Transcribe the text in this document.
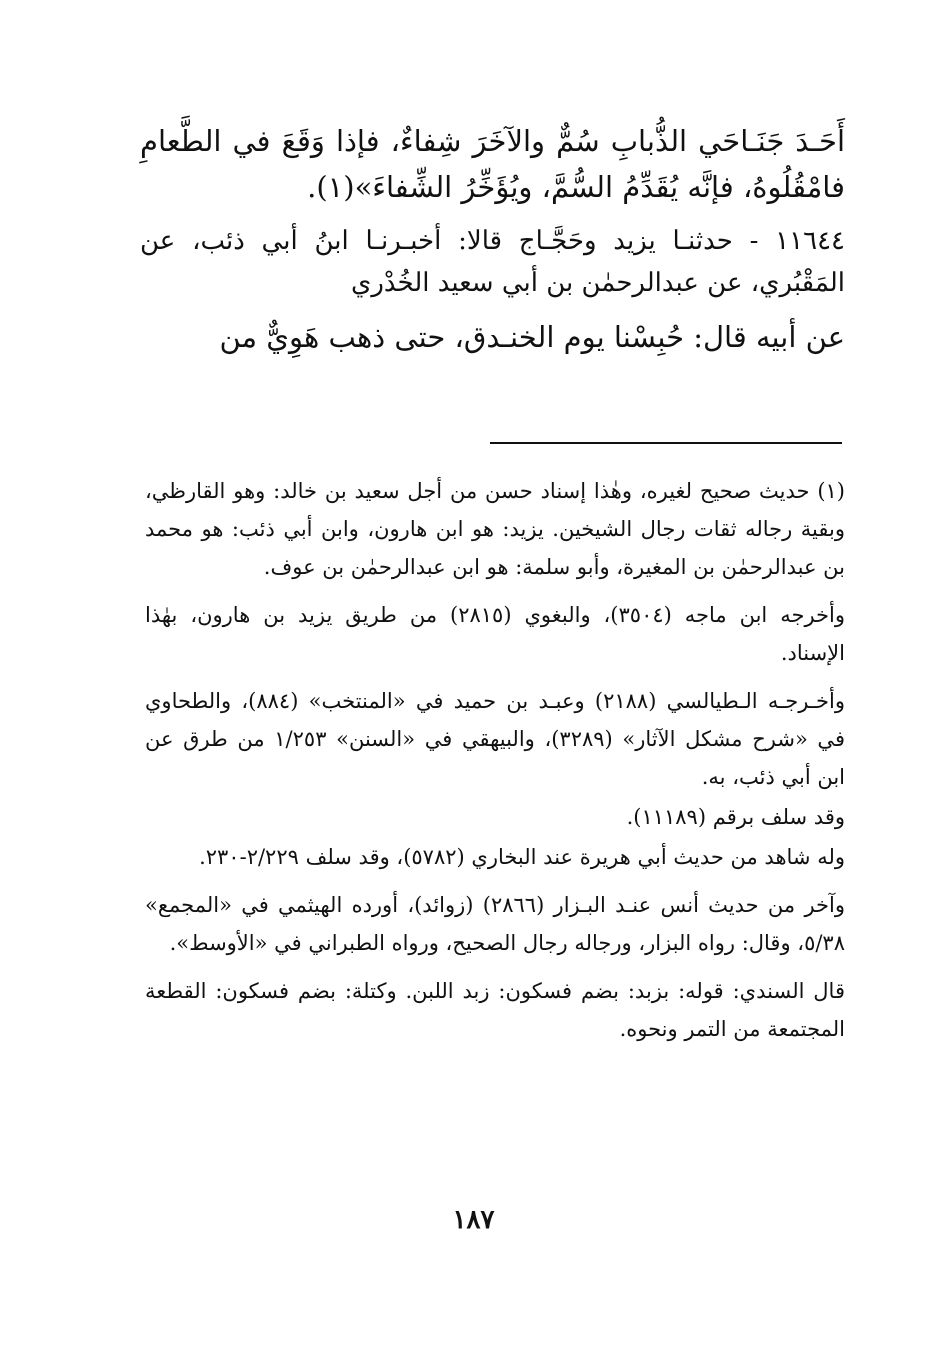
أَحَـدَ جَنَـاحَي الذُّبابِ سُمٌّ والآخَرَ شِفاءٌ، فإذا وَقَعَ في الطَّعامِ فامْقُلُوهُ، فإنَّه يُقَدِّمُ السُّمَّ، ويُؤَخِّرُ الشِّفاءَ»(١).

١١٦٤٤ - حدثنـا يزيد وحَجَّـاج قالا: أخبـرنـا ابنُ أبي ذئب، عن المَقْبُري، عن عبدالرحمٰن بن أبي سعيد الخُدْري

عن أبيه قال: حُبِسْنا يوم الخنـدق، حتى ذهب هَوِيٌّ من

(١) حديث صحيح لغيره، وهٰذا إسناد حسن من أجل سعيد بن خالد: وهو القارظي، وبقية رجاله ثقات رجال الشيخين. يزيد: هو ابن هارون، وابن أبي ذئب: هو محمد بن عبدالرحمٰن بن المغيرة، وأبو سلمة: هو ابن عبدالرحمٰن بن عوف.

وأخرجه ابن ماجه (٣٥٠٤)، والبغوي (٢٨١٥) من طريق يزيد بن هارون، بهٰذا الإسناد.

وأخـرجـه الـطيالسي (٢١٨٨) وعبـد بن حميد في «المنتخب» (٨٨٤)، والطحاوي في «شرح مشكل الآثار» (٣٢٨٩)، والبيهقي في «السنن» ١/٢٥٣ من طرق عن ابن أبي ذئب، به.

وقد سلف برقم (١١١٨٩).

وله شاهد من حديث أبي هريرة عند البخاري (٥٧٨٢)، وقد سلف ٢/٢٢٩-٢٣٠.

وآخر من حديث أنس عنـد البـزار (٢٨٦٦) (زوائد)، أورده الهيثمي في «المجمع» ٥/٣٨، وقال: رواه البزار، ورجاله رجال الصحيح، ورواه الطبراني في «الأوسط».

قال السندي: قوله: بزبد: بضم فسكون: زبد اللبن. وكتلة: بضم فسكون: القطعة المجتمعة من التمر ونحوه.

١٨٧
